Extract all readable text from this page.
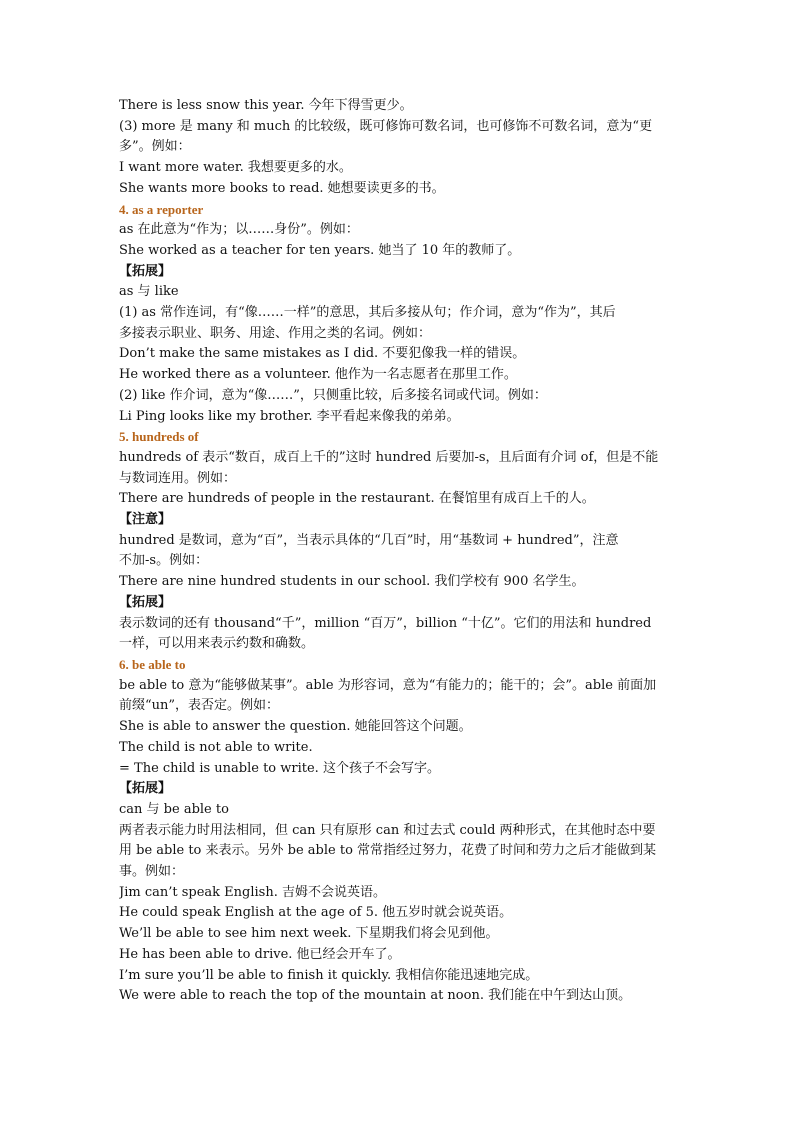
There is less snow this year. 今年下得雪更少。
(3) more 是 many 和 much 的比较级，既可修饰可数名词，也可修饰不可数名词，意为“更
多”。例如：
I want more water. 我想要更多的水。
She wants more books to read. 她想要读更多的书。
4. as a reporter
as 在此意为“作为；以……身份”。例如：
She worked as a teacher for ten years. 她当了 10 年的教师了。
【拓展】
as 与 like
(1) as 常作连词，有“像……一样”的意思，其后多接从句；作介词，意为“作为”，其后
多接表示职业、职务、用途、作用之类的名词。例如：
Don’t make the same mistakes as I did. 不要犯像我一样的错误。
He worked there as a volunteer. 他作为一名志愿者在那里工作。
(2) like 作介词，意为“像……”，只侧重比较，后多接名词或代词。例如：
Li Ping looks like my brother. 李平看起来像我的弟弟。
5. hundreds of
hundreds of 表示“数百，成百上千的”这时 hundred 后要加-s，且后面有介词 of，但是不能
与数词连用。例如：
There are hundreds of people in the restaurant. 在餐馆里有成百上千的人。
【注意】
hundred 是数词，意为“百”，当表示具体的“几百”时，用“基数词 + hundred”，注意
不加-s。例如：
There are nine hundred students in our school. 我们学校有 900 名学生。
【拓展】
表示数词的还有 thousand“千”，million “百万”，billion “十亿”。它们的用法和 hundred
一样，可以用来表示约数和确数。
6. be able to
be able to 意为“能够做某事”。able 为形容词，意为“有能力的；能干的；会”。able 前面加
前缀“un”，表否定。例如：
She is able to answer the question. 她能回答这个问题。
The child is not able to write.
= The child is unable to write. 这个孩子不会写字。
【拓展】
can 与 be able to
两者表示能力时用法相同，但 can 只有原形 can 和过去式 could 两种形式，在其他时态中要
用 be able to 来表示。另外 be able to 常常指经过努力，花费了时间和劳力之后才能做到某
事。例如：
Jim can’t speak English. 吉姆不会说英语。
He could speak English at the age of 5. 他五岁时就会说英语。
We’ll be able to see him next week. 下星期我们将会见到他。
He has been able to drive. 他已经会开车了。
I’m sure you’ll be able to finish it quickly. 我相信你能迅速地完成。
We were able to reach the top of the mountain at noon. 我们能在中午到达山顶。
